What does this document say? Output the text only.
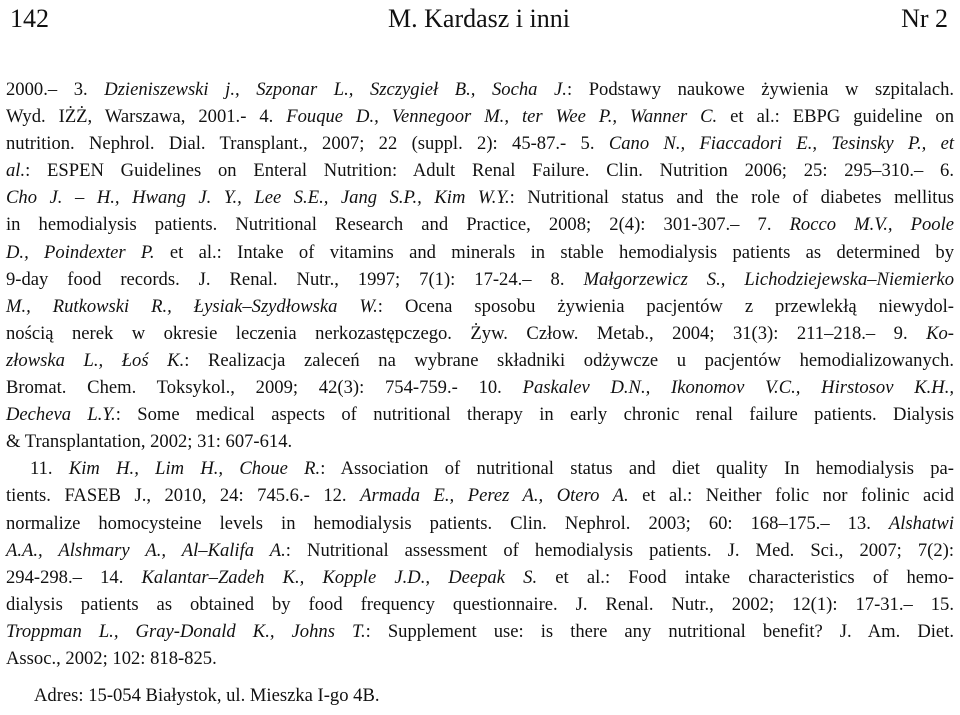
142	M. Kardasz i inni	Nr 2
2000.– 3. Dzieniszewski j., Szponar L., Szczygieł B., Socha J.: Podstawy naukowe żywienia w szpitalach.
Wyd. IŻŻ, Warszawa, 2001.- 4. Fouque D., Vennegoor M., ter Wee P., Wanner C. et al.: EBPG guideline on
nutrition. Nephrol. Dial. Transplant., 2007; 22 (suppl. 2): 45-87.- 5. Cano N., Fiaccadori E., Tesinsky P., et
al.: ESPEN Guidelines on Enteral Nutrition: Adult Renal Failure. Clin. Nutrition 2006; 25: 295–310.– 6.
Cho J. – H., Hwang J. Y., Lee S.E., Jang S.P., Kim W.Y.: Nutritional status and the role of diabetes mellitus
in hemodialysis patients. Nutritional Research and Practice, 2008; 2(4): 301-307.– 7. Rocco M.V., Poole
D., Poindexter P. et al.: Intake of vitamins and minerals in stable hemodialysis patients as determined by
9-day food records. J. Renal. Nutr., 1997; 7(1): 17-24.– 8. Małgorzewicz S., Lichodziejewska–Niemierko
M., Rutkowski R., Łysiak–Szydłowska W.: Ocena sposobu żywienia pacjentów z przewlekłą niewydol-
nością nerek w okresie leczenia nerkozastępczego. Żyw. Człow. Metab., 2004; 31(3): 211–218.– 9. Ko-
złowska L., Łoś K.: Realizacja zaleceń na wybrane składniki odżywcze u pacjentów hemodializowanych.
Bromat. Chem. Toksykol., 2009; 42(3): 754-759.- 10. Paskalev D.N., Ikonomov V.C., Hirstosov K.H.,
Decheva L.Y.: Some medical aspects of nutritional therapy in early chronic renal failure patients. Dialysis
& Transplantation, 2002; 31: 607-614.
11. Kim H., Lim H., Choue R.: Association of nutritional status and diet quality In hemodialysis pa-
tients. FASEB J., 2010, 24: 745.6.- 12. Armada E., Perez A., Otero A. et al.: Neither folic nor folinic acid
normalize homocysteine levels in hemodialysis patients. Clin. Nephrol. 2003; 60: 168–175.– 13. Alshatwi
A.A., Alshmary A., Al–Kalifa A.: Nutritional assessment of hemodialysis patients. J. Med. Sci., 2007; 7(2):
294-298.– 14. Kalantar–Zadeh K., Kopple J.D., Deepak S. et al.: Food intake characteristics of hemo-
dialysis patients as obtained by food frequency questionnaire. J. Renal. Nutr., 2002; 12(1): 17-31.– 15.
Troppman L., Gray-Donald K., Johns T.: Supplement use: is there any nutritional benefit? J. Am. Diet.
Assoc., 2002; 102: 818-825.
Adres: 15-054 Białystok, ul. Mieszka I-go 4B.
